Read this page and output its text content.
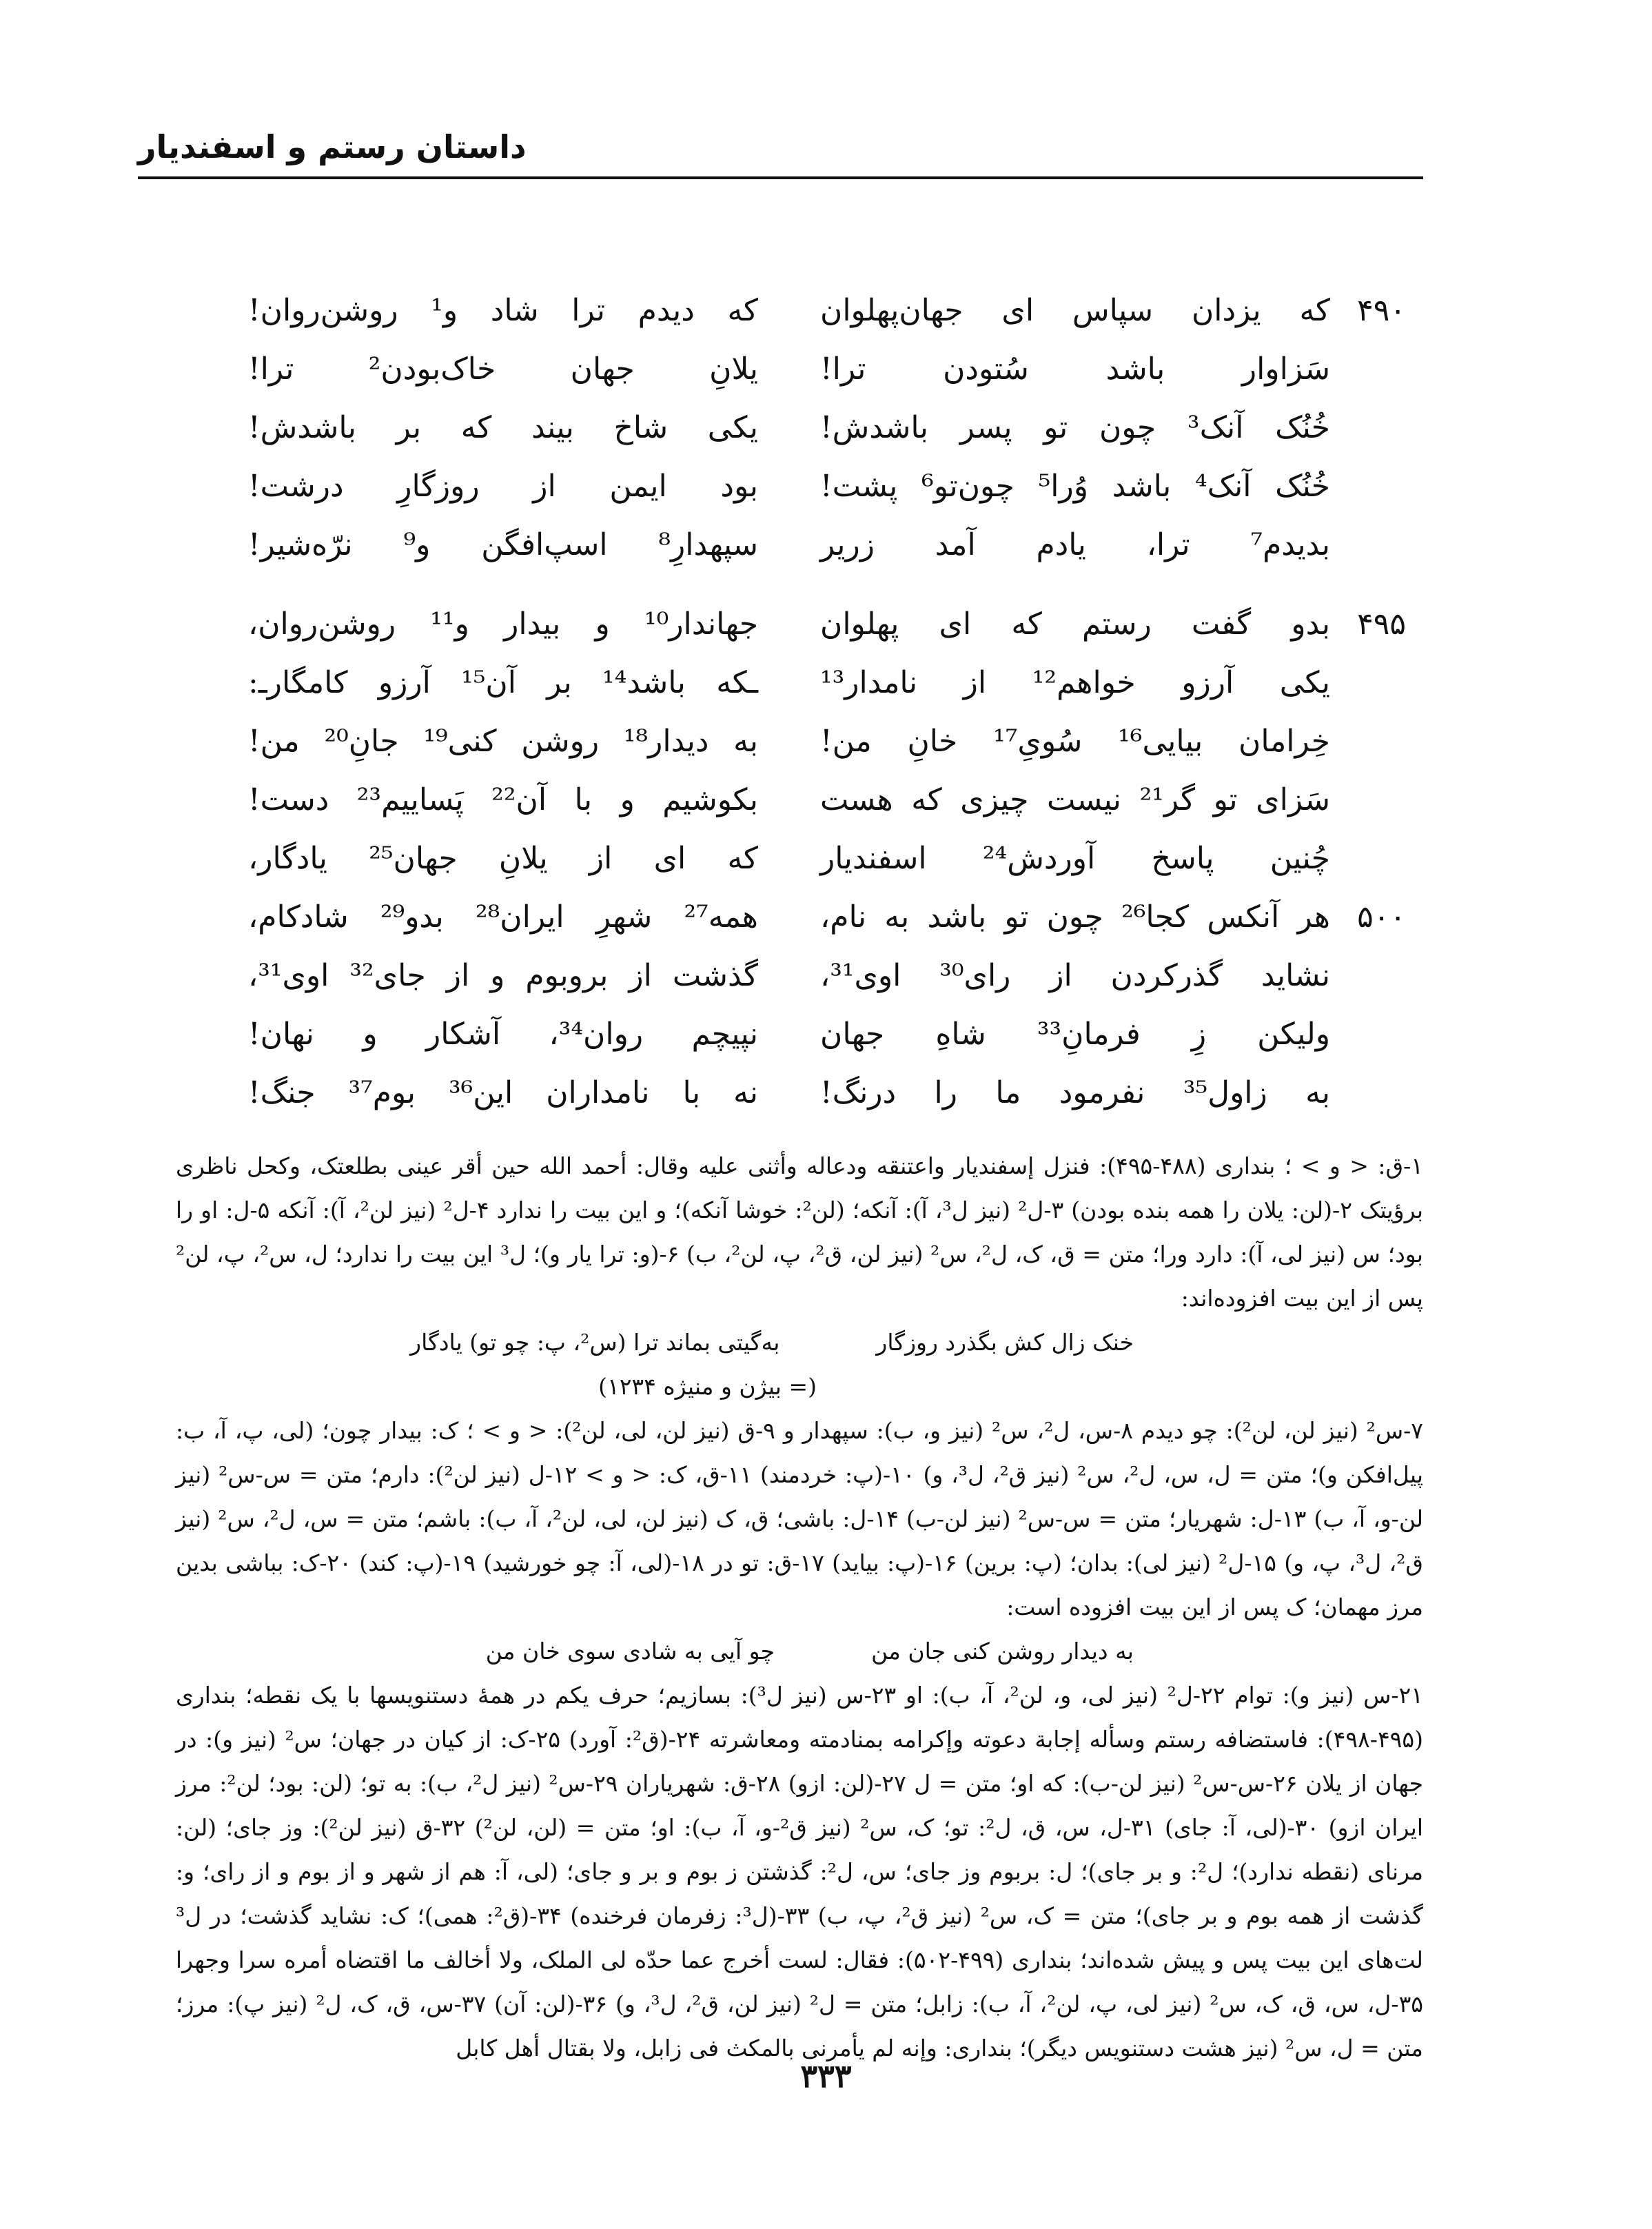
داستان رستم و اسفندیار
۴۹۰
که یزدان سپاس ای جهان‌پهلوان
که دیدم ترا شاد و¹ روشن‌روان!
سَزاوار باشد سُتودن ترا!
یلانِ جهان خاک‌بودن² ترا!
خُنُک آنک³ چون تو پسر باشدش!
یکی شاخ بیند که بر باشدش!
خُنُک آنک⁴ باشد وُرا⁵ چون‌تو⁶ پشت!
بود ایمن از روزگارِ درشت!
بدیدم⁷ ترا، یادم آمد زریر
سپهدارِ⁸ اسپ‌افگن و⁹ نرّه‌شیر!
۴۹۵
بدو گفت رستم که ای پهلوان
جهاندار¹⁰ و بیدار و¹¹ روشن‌روان،
یکی آرزو خواهم¹² از نامدار¹³
ـکه باشد¹⁴ بر آن¹⁵ آرزو کامگارـ:
خِرامان بیایی¹⁶ سُویِ¹⁷ خانِ من!
به دیدار¹⁸ روشن کنی¹⁹ جانِ²⁰ من!
سَزای تو گر²¹ نیست چیزی که هست
بکوشیم و با آن²² پَساییم²³ دست!
چُنین پاسخ آوردش²⁴ اسفندیار
که ای از یلانِ جهان²⁵ یادگار،
۵۰۰
هر آنکس کجا²⁶ چون تو باشد به نام،
همه²⁷ شهرِ ایران²⁸ بدو²⁹ شادکام،
نشاید گذرکردن از رای³⁰ اوی³¹،
گذشت از بروبوم و از جای³² اوی³¹،
ولیکن زِ فرمانِ³³ شاهِ جهان
نپیچم روان³⁴، آشکار و نهان!
به زاول³⁵ نفرمود ما را درنگ!
نه با نامداران این³⁶ بوم³⁷ جنگ!

۱-ق: < و > ؛ بنداری (۴۸۸-۴۹۵): فنزل إسفندیار واعتنقه ودعاله وأثنی علیه وقال: أحمد الله حین أقر عینی بطلعتک، وکحل ناظری برؤیتک ۲-(لن: یلان را همه بنده بودن) ۳-ل² (نیز ل³، آ): آنکه؛ (لن²: خوشا آنکه)؛ و این بیت را ندارد ۴-ل² (نیز لن²، آ): آنکه ۵-ل: او را بود؛ س (نیز لی، آ): دارد ورا؛ متن = ق، ک، ل²، س² (نیز لن، ق²، پ، لن²، ب) ۶-(و: ترا یار و)؛ ل³ این بیت را ندارد؛ ل، س²، پ، لن² پس از این بیت افزوده‌اند:

خنک زال کش بگذرد روزگار
به‌گیتی بماند ترا (س²، پ: چو تو) یادگار

(= بیژن و منیژه ۱۲۳۴)

۷-س² (نیز لن، لن²): چو دیدم ۸-س، ل²، س² (نیز و، ب): سپهدار و ۹-ق (نیز لن، لی، لن²): < و > ؛ ک: بیدار چون؛ (لی، پ، آ، ب: پیل‌افکن و)؛ متن = ل، س، ل²، س² (نیز ق²، ل³، و) ۱۰-(پ: خردمند) ۱۱-ق، ک: < و > ۱۲-ل (نیز لن²): دارم؛ متن = س-س² (نیز لن-و، آ، ب) ۱۳-ل: شهریار؛ متن = س-س² (نیز لن-ب) ۱۴-ل: باشی؛ ق، ک (نیز لن، لی، لن²، آ، ب): باشم؛ متن = س، ل²، س² (نیز ق²، ل³، پ، و) ۱۵-ل² (نیز لی): بدان؛ (پ: برین) ۱۶-(پ: بیاید) ۱۷-ق: تو در ۱۸-(لی، آ: چو خورشید) ۱۹-(پ: کند) ۲۰-ک: بباشی بدین مرز مهمان؛ ک پس از این بیت افزوده است:

به دیدار روشن کنی جان من
چو آیی به شادی سوی خان من

۲۱-س (نیز و): توام ۲۲-ل² (نیز لی، و، لن²، آ، ب): او ۲۳-س (نیز ل³): بسازیم؛ حرف یکم در همهٔ دستنویسها با یک نقطه؛ بنداری (۴۹۵-۴۹۸): فاستضافه رستم وسأله إجابة دعوته وإکرامه بمنادمته ومعاشرته ۲۴-(ق²: آورد) ۲۵-ک: از کیان در جهان؛ س² (نیز و): در جهان از یلان ۲۶-س-س² (نیز لن-ب): که او؛ متن = ل ۲۷-(لن: ازو) ۲۸-ق: شهریاران ۲۹-س² (نیز ل²، ب): به تو؛ (لن: بود؛ لن²: مرز ایران ازو) ۳۰-(لی، آ: جای) ۳۱-ل، س، ق، ل²: تو؛ ک، س² (نیز ق²-و، آ، ب): او؛ متن = (لن، لن²) ۳۲-ق (نیز لن²): وز جای؛ (لن: مرنای (نقطه ندارد)؛ ل²: و بر جای)؛ ل: بربوم وز جای؛ س، ل²: گذشتن ز بوم و بر و جای؛ (لی، آ: هم از شهر و از بوم و از رای؛ و: گذشت از همه بوم و بر جای)؛ متن = ک، س² (نیز ق²، پ، ب) ۳۳-(ل³: زفرمان فرخنده) ۳۴-(ق²: همی)؛ ک: نشاید گذشت؛ در ل³ لت‌های این بیت پس و پیش شده‌اند؛ بنداری (۴۹۹-۵۰۲): فقال: لست أخرج عما حدّه لی الملک، ولا أخالف ما اقتضاه أمره سرا وجهرا ۳۵-ل، س، ق، ک، س² (نیز لی، پ، لن²، آ، ب): زابل؛ متن = ل² (نیز لن، ق²، ل³، و) ۳۶-(لن: آن) ۳۷-س، ق، ک، ل² (نیز پ): مرز؛ متن = ل، س² (نیز هشت دستنویس دیگر)؛ بنداری: وإنه لم یأمرنی بالمکث فی زابل، ولا بقتال أهل کابل

۳۳۳
